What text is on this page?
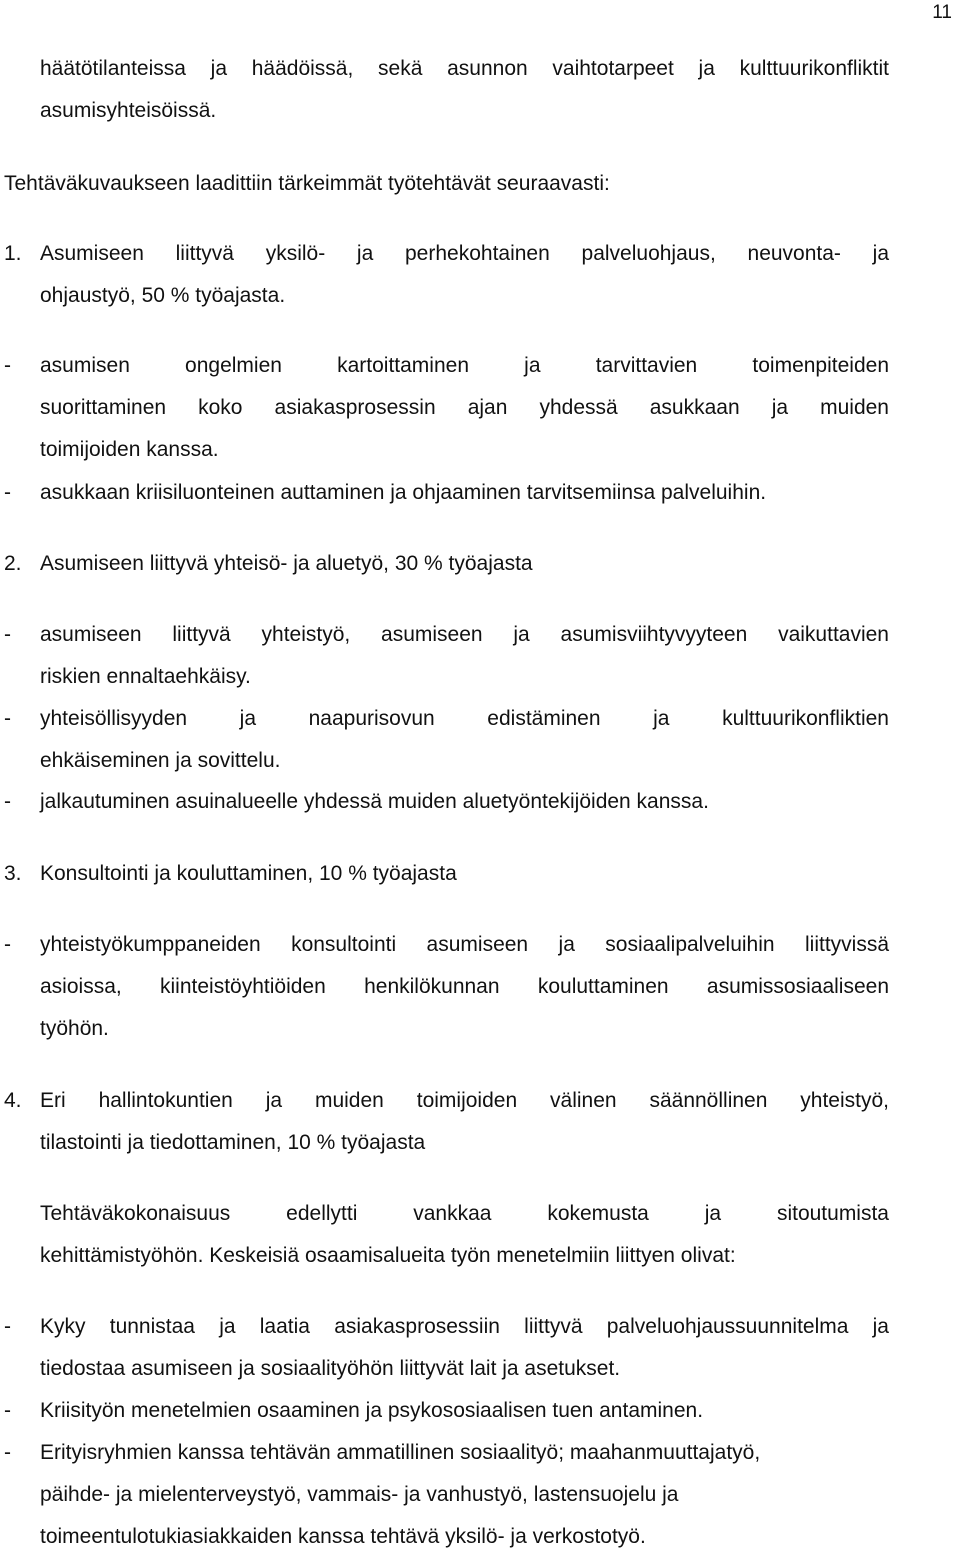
11
häätötilanteissa ja häädöissä, sekä asunnon vaihtotarpeet ja kulttuurikonfliktit
asumisyhteisöissä.
Tehtäväkuvaukseen laadittiin tärkeimmät työtehtävät seuraavasti:
1. Asumiseen liittyvä yksilö- ja perhekohtainen palveluohjaus, neuvonta- ja
ohjaustyö, 50 % työajasta.
- asumisen ongelmien kartoittaminen ja tarvittavien toimenpiteiden
suorittaminen koko asiakasprosessin ajan yhdessä asukkaan ja muiden
toimijoiden kanssa.
- asukkaan kriisiluonteinen auttaminen ja ohjaaminen tarvitsemiinsa palveluihin.
2. Asumiseen liittyvä yhteisö- ja aluetyö, 30 % työajasta
- asumiseen liittyvä yhteistyö, asumiseen ja asumisviihtyvyyteen vaikuttavien
riskien ennaltaehkäisy.
- yhteisöllisyyden ja naapurisovun edistäminen ja kulttuurikonfliktien
ehkäiseminen ja sovittelu.
- jalkautuminen asuinalueelle yhdessä muiden aluetyöntekijöiden kanssa.
3. Konsultointi ja kouluttaminen, 10 % työajasta
- yhteistyökumppaneiden konsultointi asumiseen ja sosiaalipalveluihin liittyvissä
asioissa, kiinteistöyhtiöiden henkilökunnan kouluttaminen asumissosiaaliseen
työhön.
4. Eri hallintokuntien ja muiden toimijoiden välinen säännöllinen yhteistyö,
tilastointi ja tiedottaminen, 10 % työajasta
Tehtäväkokonaisuus edellytti vankkaa kokemusta ja sitoutumista
kehittämistyöhön. Keskeisiä osaamisalueita työn menetelmiin liittyen olivat:
- Kyky tunnistaa ja laatia asiakasprosessiin liittyvä palveluohjaussuunnitelma ja
tiedostaa asumiseen ja sosiaalityöhön liittyvät lait ja asetukset.
- Kriisityön menetelmien osaaminen ja psykososiaalisen tuen antaminen.
- Erityisryhmien kanssa tehtävän ammatillinen sosiaalityö; maahanmuuttajatyö,
päihde- ja mielenterveystyö, vammais- ja vanhustyö, lastensuojelu ja
toimeentulotukiasiakkaiden kanssa tehtävä yksilö- ja verkostotyö.
